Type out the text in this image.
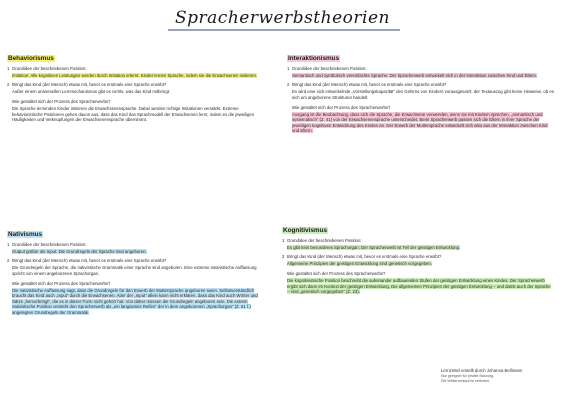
Spracherwerbstheorien
Behaviorismus
1 Grundidee der beschriebenen Position:

Imitation: Alle kognitiven Leistungen werden durch Imitation erlernt. Kinder lernen Sprache, indem sie die Erwachsenen imitieren.

2 Bringt das Kind (der Mensch) etwas mit, bevor es erstmals eine Sprache erwirbt?

Außer einem universellen Lernmechanismus gibt es nichts, was das Kind mitbringt.

Wie gestaltet sich der Prozess des Spracherwerbs?

Die Sprache lernenden Kinder imitieren die Erwachsenensprache. Dabei werden richtige Imitationen verstärkt. Extreme behavioristische Positionen gehen davon aus, dass das Kind das Sprachmodell der Erwachsenen lernt, indem es die jeweiligen Häufigkeiten und Verknüpfungen der Erwachsenensprache übernimmt.

Interaktionismus
1 Grundidee der beschriebenen Position:

Semantisch und symbolisch vereinfachte Sprache: Der Spracherwerb entwickelt sich in der Interaktion zwischen Kind und Eltern.

2 Bringt das Kind (der Mensch) etwas mit, bevor es erstmals eine Sprache erwirbt?

Es wird eine sich entwickelnde „Vorstellungskapazität“ des Gehirns von Kindern vorausgesetzt; der Textauszug gibt keine Hinweise, ob es sich um angeborene Strukturen handelt.

Wie gestaltet sich der Prozess des Spracherwerbs?

Ausgang ist die Beobachtung, dass sich die Sprache, die Erwachsene verwenden, wenn sie mit Kindern sprechen, „semantisch und systematisch“ (Z. 41) von der Erwachsenensprache unterscheidet. Beim Spracherwerb passen sich die Eltern in ihrer Sprache der jeweiligen kognitiven Entwicklung des Kindes an. Der Erwerb der Muttersprache entwickelt sich also aus der Interaktion zwischen Kind und Eltern.

Nativismus
1 Grundidee der beschriebenen Position:

Output größer als Input: Die Grundregeln der Sprache sind angeboren.

2 Bringt das Kind (der Mensch) etwas mit, bevor es erstmals eine Sprache erwirbt?

Die Grundregeln der Sprache, die nativistische Grammatik einer Sprache sind angeboren. Eine extreme nativistische Auffassung spricht von einem angeborenen Sprachorgan.

Wie gestaltet sich der Prozess des Spracherwerbs?

Die nativistische Auffassung sagt, dass die Grundregeln für den Erwerb der Muttersprache angeboren seien. Selbstverständlich braucht das Kind auch „Input“ durch die Erwachsenen. Aber der „Input“ allein kann nicht erklären, dass das Kind auch Wörter und Sätze „hervorbringt“, die es in dieser Form nicht gehört hat. Von daher müssen die Grundregeln angeboren sein. Die extrem nativistische Position versteht den Spracherwerb als „ein langsames Reifen“ der in dem angeborenen „Sprachorgan“ (Z. 61 f.) angelegten Grundregeln der Grammatik.

Kognitivismus
1 Grundidee der beschriebenen Position:

Es gibt kein besonderes Sprachorgan: Der Spracherwerb ist Teil der geistigen Entwicklung.

2 Bringt das Kind (der Mensch) etwas mit, bevor es erstmals eine Sprache erwirbt?

Allgemeine Prinzipien der geistigen Entwicklung sind genetisch vorgegeben.

Wie gestaltet sich der Prozess des Spracherwerbs?

Die kognitivistische Position beschreibt die aufeinander aufbauenden Stufen der geistigen Entwicklung eines Kindes. Der Spracherwerb ergibt sich dann im Kontext der geistigen Entwicklung. Die allgemeinen Prinzipien der geistigen Entwicklung – und damit auch der Sprache – sind „genetisch vorgegeben“ (Z. 23).

Lernzettel erstellt durch Johanna Bellmann
Nur geeignet für private Nutzung.
Die Weiterverkauf ist verboten.
